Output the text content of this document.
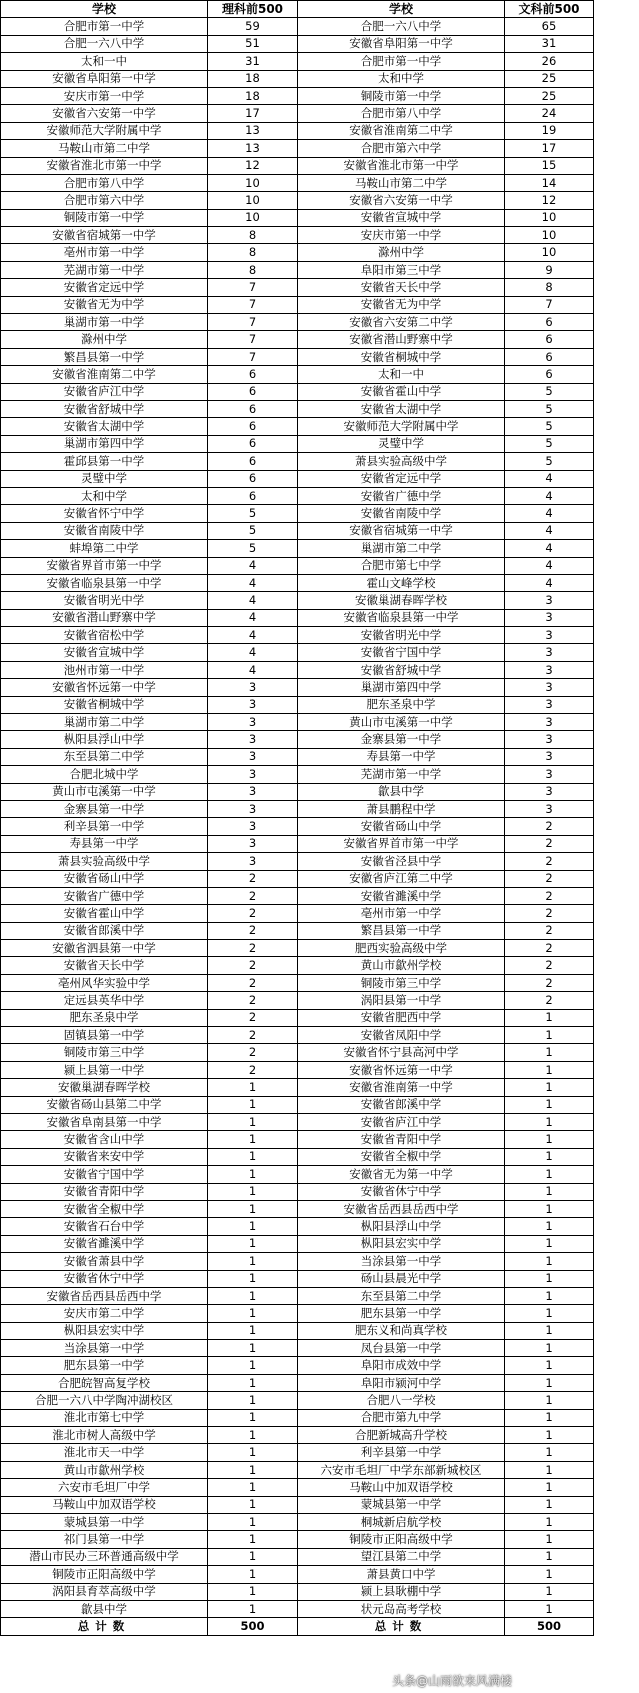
学校	理科前500	学校	文科前500
合肥市第一中学	59	合肥一六八中学	65
合肥一六八中学	51	安徽省阜阳第一中学	31
太和一中	31	合肥市第一中学	26
安徽省阜阳第一中学	18	太和中学	25
安庆市第一中学	18	铜陵市第一中学	25
安徽省六安第一中学	17	合肥市第八中学	24
安徽师范大学附属中学	13	安徽省淮南第二中学	19
马鞍山市第二中学	13	合肥市第六中学	17
安徽省淮北市第一中学	12	安徽省淮北市第一中学	15
合肥市第八中学	10	马鞍山市第二中学	14
合肥市第六中学	10	安徽省六安第一中学	12
铜陵市第一中学	10	安徽省宣城中学	10
安徽省宿城第一中学	8	安庆市第一中学	10
亳州市第一中学	8	滁州中学	10
芜湖市第一中学	8	阜阳市第三中学	9
安徽省定远中学	7	安徽省天长中学	8
安徽省无为中学	7	安徽省无为中学	7
巢湖市第一中学	7	安徽省六安第二中学	6
滁州中学	7	安徽省潜山野寨中学	6
繁昌县第一中学	7	安徽省桐城中学	6
安徽省淮南第二中学	6	太和一中	6
安徽省庐江中学	6	安徽省霍山中学	5
安徽省舒城中学	6	安徽省太湖中学	5
安徽省太湖中学	6	安徽师范大学附属中学	5
巢湖市第四中学	6	灵璧中学	5
霍邱县第一中学	6	萧县实验高级中学	5
灵璧中学	6	安徽省定远中学	4
太和中学	6	安徽省广德中学	4
安徽省怀宁中学	5	安徽省南陵中学	4
安徽省南陵中学	5	安徽省宿城第一中学	4
蚌埠第二中学	5	巢湖市第二中学	4
安徽省界首市第一中学	4	合肥市第七中学	4
安徽省临泉县第一中学	4	霍山文峰学校	4
安徽省明光中学	4	安徽巢湖春晖学校	3
安徽省潜山野寨中学	4	安徽省临泉县第一中学	3
安徽省宿松中学	4	安徽省明光中学	3
安徽省宣城中学	4	安徽省宁国中学	3
池州市第一中学	4	安徽省舒城中学	3
安徽省怀远第一中学	3	巢湖市第四中学	3
安徽省桐城中学	3	肥东圣泉中学	3
巢湖市第二中学	3	黄山市屯溪第一中学	3
枞阳县浮山中学	3	金寨县第一中学	3
东至县第二中学	3	寿县第一中学	3
合肥北城中学	3	芜湖市第一中学	3
黄山市屯溪第一中学	3	歙县中学	3
金寨县第一中学	3	萧县鹏程中学	3
利辛县第一中学	3	安徽省砀山中学	2
寿县第一中学	3	安徽省界首市第一中学	2
萧县实验高级中学	3	安徽省泾县中学	2
安徽省砀山中学	2	安徽省庐江第二中学	2
安徽省广德中学	2	安徽省濉溪中学	2
安徽省霍山中学	2	亳州市第一中学	2
安徽省郎溪中学	2	繁昌县第一中学	2
安徽省泗县第一中学	2	肥西实验高级中学	2
安徽省天长中学	2	黄山市歙州学校	2
亳州风华实验中学	2	铜陵市第三中学	2
定远县英华中学	2	涡阳县第一中学	2
肥东圣泉中学	2	安徽省肥西中学	1
固镇县第一中学	2	安徽省凤阳中学	1
铜陵市第三中学	2	安徽省怀宁县高河中学	1
颍上县第一中学	2	安徽省怀远第一中学	1
安徽巢湖春晖学校	1	安徽省淮南第一中学	1
安徽省砀山县第二中学	1	安徽省郎溪中学	1
安徽省阜南县第一中学	1	安徽省庐江中学	1
安徽省含山中学	1	安徽省青阳中学	1
安徽省来安中学	1	安徽省全椒中学	1
安徽省宁国中学	1	安徽省无为第一中学	1
安徽省青阳中学	1	安徽省休宁中学	1
安徽省全椒中学	1	安徽省岳西县岳西中学	1
安徽省石台中学	1	枞阳县浮山中学	1
安徽省濉溪中学	1	枞阳县宏实中学	1
安徽省萧县中学	1	当涂县第一中学	1
安徽省休宁中学	1	砀山县晨光中学	1
安徽省岳西县岳西中学	1	东至县第二中学	1
安庆市第二中学	1	肥东县第一中学	1
枞阳县宏实中学	1	肥东义和尚真学校	1
当涂县第一中学	1	凤台县第一中学	1
肥东县第一中学	1	阜阳市成效中学	1
合肥皖智高复学校	1	阜阳市颍河中学	1
合肥一六八中学陶冲湖校区	1	合肥八一学校	1
淮北市第七中学	1	合肥市第九中学	1
淮北市树人高级中学	1	合肥新城高升学校	1
淮北市天一中学	1	利辛县第一中学	1
黄山市歙州学校	1	六安市毛坦厂中学东部新城校区	1
六安市毛坦厂中学	1	马鞍山中加双语学校	1
马鞍山中加双语学校	1	蒙城县第一中学	1
蒙城县第一中学	1	桐城新启航学校	1
祁门县第一中学	1	铜陵市正阳高级中学	1
潜山市民办三环普通高级中学	1	望江县第二中学	1
铜陵市正阳高级中学	1	萧县黄口中学	1
涡阳县育萃高级中学	1	颍上县耿棚中学	1
歙县中学	1	状元岛高考学校	1
总计数	500	总计数	500
头条@山雨欲来风满楼
